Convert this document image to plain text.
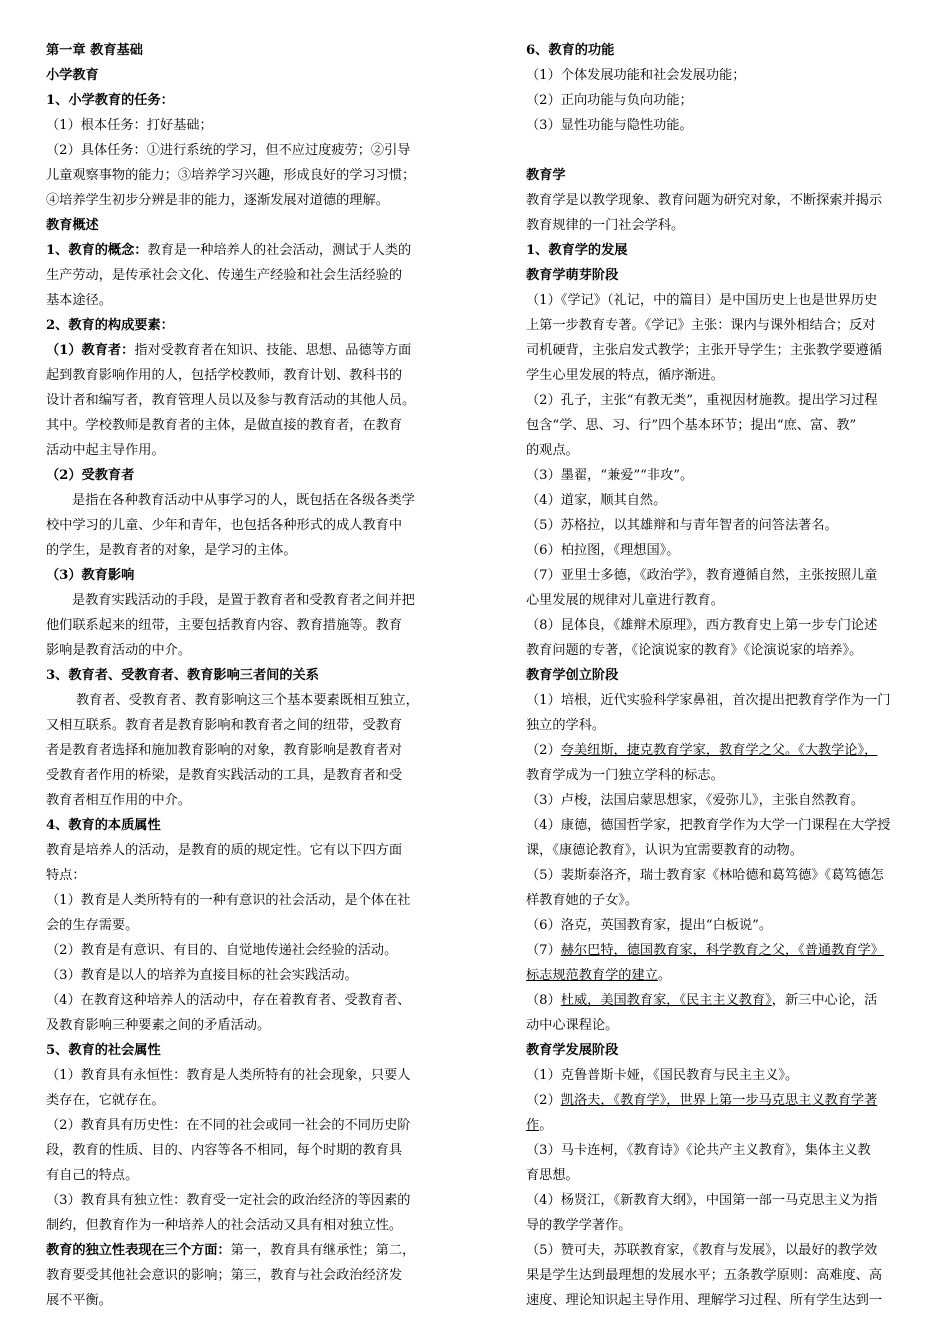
第一章 教育基础
小学教育
1、小学教育的任务：
（1）根本任务：打好基础；
（2）具体任务：①进行系统的学习，但不应过度疲劳；②引导
儿童观察事物的能力；③培养学习兴趣，形成良好的学习习惯；
④培养学生初步分辨是非的能力，逐渐发展对道德的理解。
教育概述
1、教育的概念：教育是一种培养人的社会活动，测试于人类的
生产劳动，是传承社会文化、传递生产经验和社会生活经验的
基本途径。
2、教育的构成要素：
（1）教育者：指对受教育者在知识、技能、思想、品德等方面
起到教育影响作用的人，包括学校教师，教育计划、教科书的
设计者和编写者，教育管理人员以及参与教育活动的其他人员。
其中。学校教师是教育者的主体，是做直接的教育者，在教育
活动中起主导作用。
（2）受教育者
是指在各种教育活动中从事学习的人，既包括在各级各类学
校中学习的儿童、少年和青年，也包括各种形式的成人教育中
的学生，是教育者的对象，是学习的主体。
（3）教育影响
是教育实践活动的手段，是置于教育者和受教育者之间并把
他们联系起来的纽带，主要包括教育内容、教育措施等。教育
影响是教育活动的中介。
3、教育者、受教育者、教育影响三者间的关系
教育者、受教育者、教育影响这三个基本要素既相互独立，
又相互联系。教育者是教育影响和教育者之间的纽带，受教育
者是教育者选择和施加教育影响的对象，教育影响是教育者对
受教育者作用的桥梁，是教育实践活动的工具，是教育者和受
教育者相互作用的中介。
4、教育的本质属性
教育是培养人的活动，是教育的质的规定性。它有以下四方面
特点：
（1）教育是人类所特有的一种有意识的社会活动，是个体在社
会的生存需要。
（2）教育是有意识、有目的、自觉地传递社会经验的活动。
（3）教育是以人的培养为直接目标的社会实践活动。
（4）在教育这种培养人的活动中，存在着教育者、受教育者、
及教育影响三种要素之间的矛盾活动。
5、教育的社会属性
（1）教育具有永恒性：教育是人类所特有的社会现象，只要人
类存在，它就存在。
（2）教育具有历史性：在不同的社会或同一社会的不同历史阶
段，教育的性质、目的、内容等各不相同，每个时期的教育具
有自己的特点。
（3）教育具有独立性：教育受一定社会的政治经济的等因素的
制约，但教育作为一种培养人的社会活动又具有相对独立性。
教育的独立性表现在三个方面：第一，教育具有继承性；第二，
教育要受其他社会意识的影响；第三，教育与社会政治经济发
展不平衡。
6、教育的功能
（1）个体发展功能和社会发展功能；
（2）正向功能与负向功能；
（3）显性功能与隐性功能。
教育学
教育学是以教学现象、教育问题为研究对象，不断探索并揭示
教育规律的一门社会学科。
1、教育学的发展
教育学萌芽阶段
（1）《学记》（礼记，中的篇目）是中国历史上也是世界历史
上第一步教育专著。《学记》主张：课内与课外相结合；反对
司机硬背，主张启发式教学；主张开导学生；主张教学要遵循
学生心里发展的特点，循序渐进。
（2）孔子，主张“有教无类”，重视因材施教。提出学习过程
包含“学、思、习、行”四个基本环节；提出“庶、富、教”
的观点。
（3）墨翟，“兼爱”“非攻”。
（4）道家，顺其自然。
（5）苏格拉，以其雄辩和与青年智者的问答法著名。
（6）柏拉图，《理想国》。
（7）亚里士多德，《政治学》，教育遵循自然，主张按照儿童
心里发展的规律对儿童进行教育。
（8）昆体良，《雄辩术原理》，西方教育史上第一步专门论述
教育问题的专著，《论演说家的教育》《论演说家的培养》。
教育学创立阶段
（1）培根，近代实验科学家鼻祖，首次提出把教育学作为一门
独立的学科。
（2）夸美纽斯，捷克教育学家，教育学之父。《大教学论》，
教育学成为一门独立学科的标志。
（3）卢梭，法国启蒙思想家，《爱弥儿》，主张自然教育。
（4）康德，德国哲学家，把教育学作为大学一门课程在大学授
课，《康德论教育》，认识为宜需要教育的动物。
（5）裴斯泰洛齐，瑞士教育家《林哈德和葛笃德》《葛笃德怎
样教育她的子女》。
（6）洛克，英国教育家，提出“白板说”。
（7）赫尔巴特，德国教育家，科学教育之父，《普通教育学》
标志规范教育学的建立。
（8）杜威，美国教育家，《民主主义教育》，新三中心论，活
动中心课程论。
教育学发展阶段
（1）克鲁普斯卡娅，《国民教育与民主主义》。
（2）凯洛夫，《教育学》，世界上第一步马克思主义教育学著
作。
（3）马卡连柯，《教育诗》《论共产主义教育》，集体主义教
育思想。
（4）杨贤江，《新教育大纲》，中国第一部一马克思主义为指
导的教学学著作。
（5）赞可夫，苏联教育家，《教育与发展》，以最好的教学效
果是学生达到最理想的发展水平；五条教学原则：高难度、高
速度、理论知识起主导作用、理解学习过程、所有学生达到一
